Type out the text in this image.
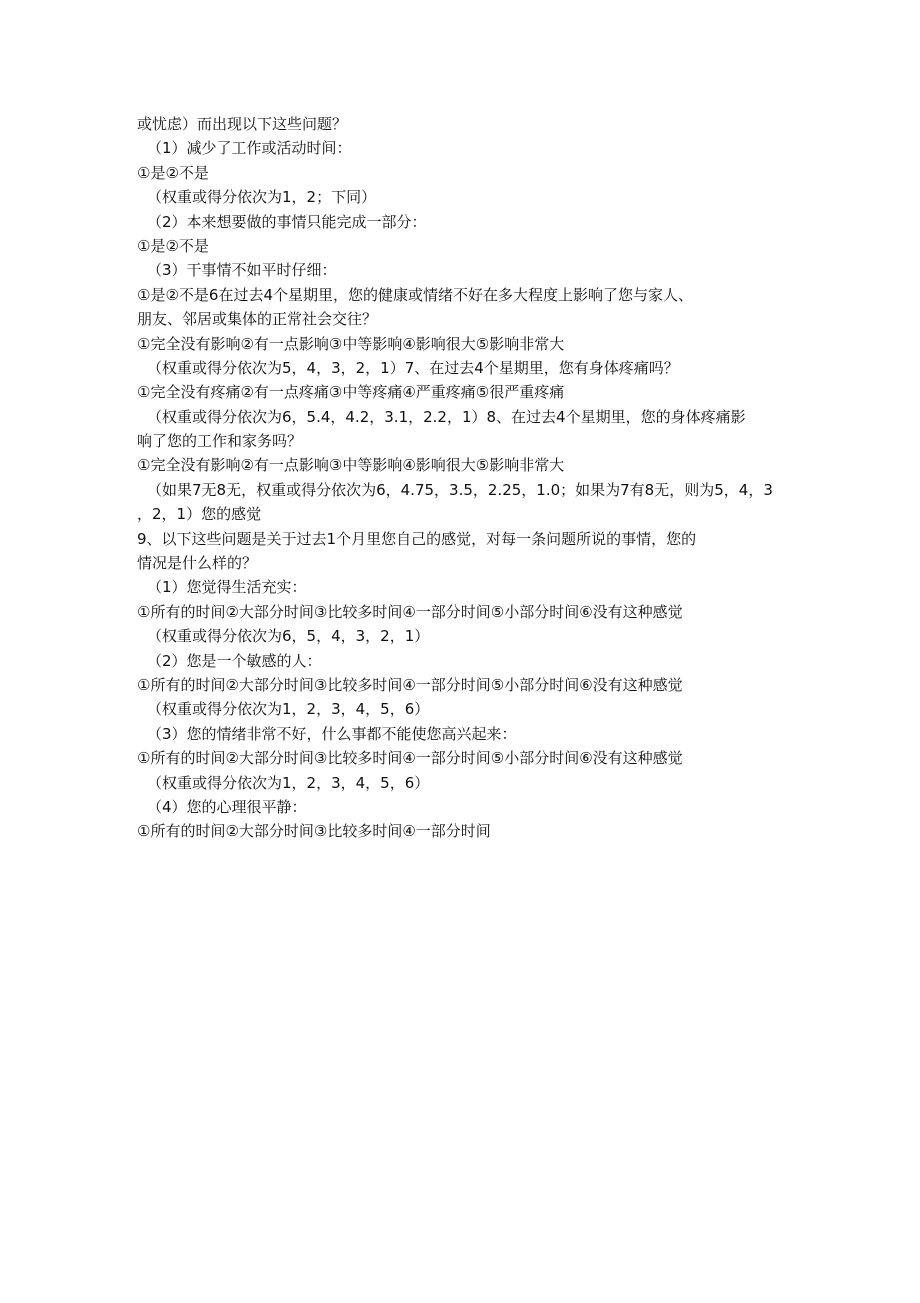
或忧虑）而出现以下这些问题？
（1）减少了工作或活动时间：
①是②不是
（权重或得分依次为1，2；下同）
（2）本来想要做的事情只能完成一部分：
①是②不是
（3）干事情不如平时仔细：
①是②不是6在过去4个星期里，您的健康或情绪不好在多大程度上影响了您与家人、
朋友、邻居或集体的正常社会交往？
①完全没有影响②有一点影响③中等影响④影响很大⑤影响非常大
（权重或得分依次为5，4，3，2，1）7、在过去4个星期里，您有身体疼痛吗？
①完全没有疼痛②有一点疼痛③中等疼痛④严重疼痛⑤很严重疼痛
（权重或得分依次为6，5.4，4.2，3.1，2.2，1）8、在过去4个星期里，您的身体疼痛影
响了您的工作和家务吗？
①完全没有影响②有一点影响③中等影响④影响很大⑤影响非常大
（如果7无8无，权重或得分依次为6，4.75，3.5，2.25，1.0；如果为7有8无，则为5，4，3
，2，1）您的感觉
9、以下这些问题是关于过去1个月里您自己的感觉，对每一条问题所说的事情，您的
情况是什么样的？
（1）您觉得生活充实：
①所有的时间②大部分时间③比较多时间④一部分时间⑤小部分时间⑥没有这种感觉
（权重或得分依次为6，5，4，3，2，1）
（2）您是一个敏感的人：
①所有的时间②大部分时间③比较多时间④一部分时间⑤小部分时间⑥没有这种感觉
（权重或得分依次为1，2，3，4，5，6）
（3）您的情绪非常不好，什么事都不能使您高兴起来：
①所有的时间②大部分时间③比较多时间④一部分时间⑤小部分时间⑥没有这种感觉
（权重或得分依次为1，2，3，4，5，6）
（4）您的心理很平静：
①所有的时间②大部分时间③比较多时间④一部分时间
